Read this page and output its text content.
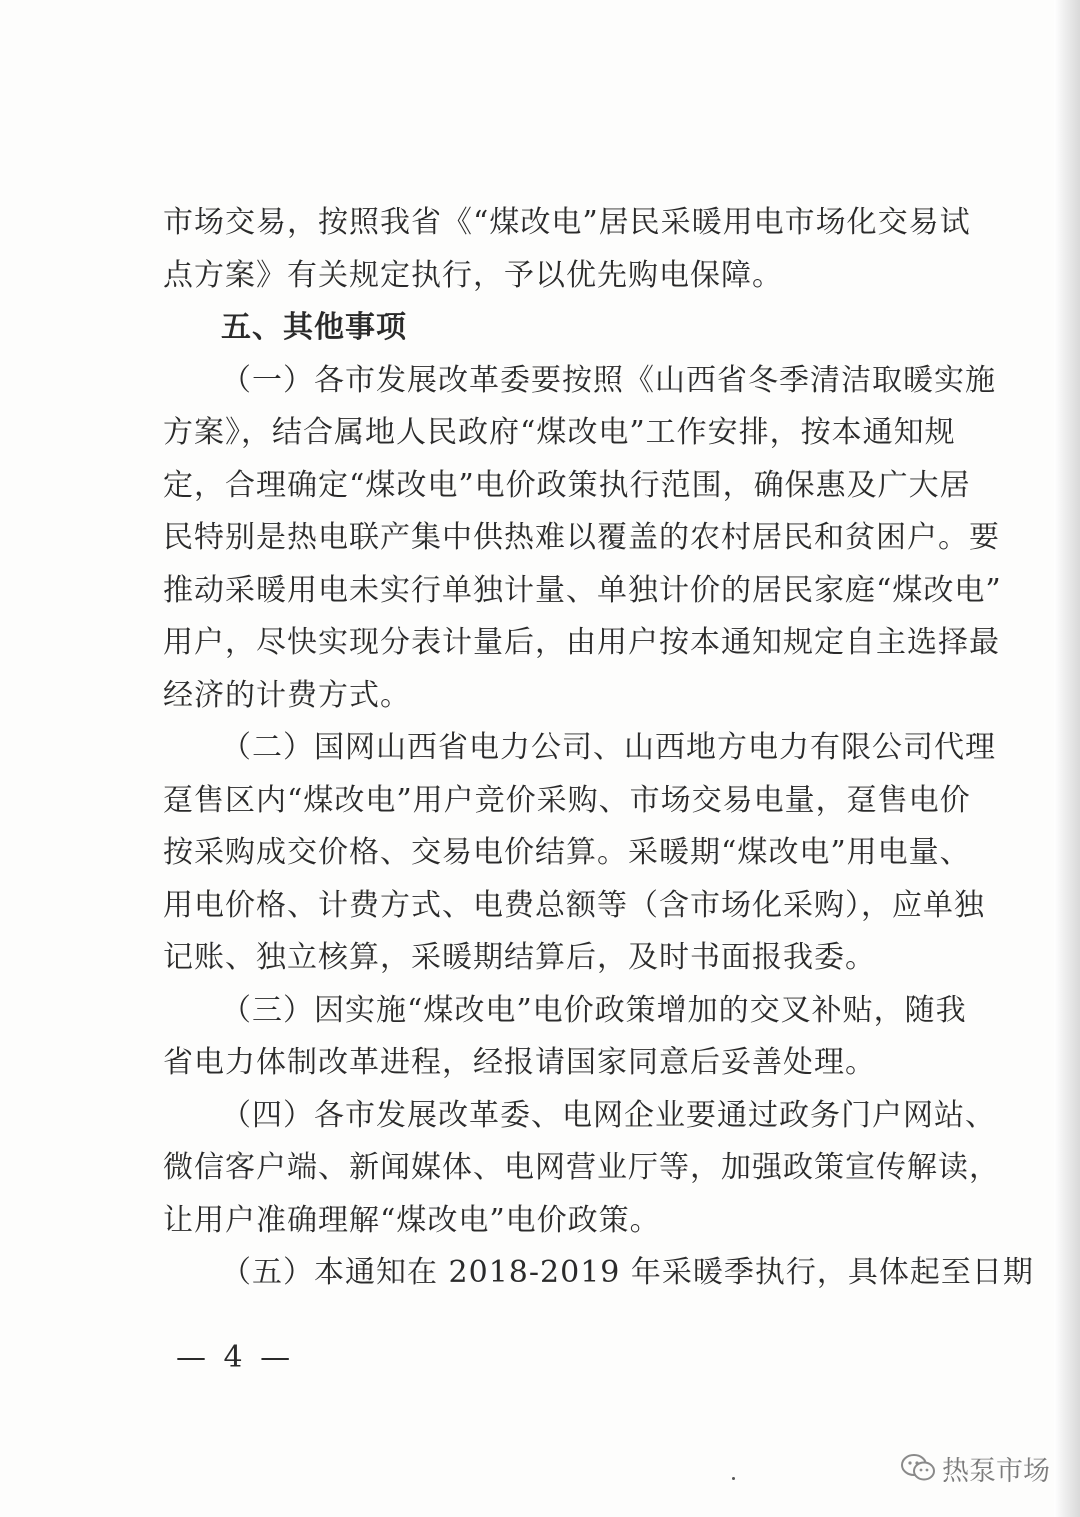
市场交易，按照我省《“煤改电”居民采暖用电市场化交易试
点方案》有关规定执行，予以优先购电保障。
五、其他事项
（一）各市发展改革委要按照《山西省冬季清洁取暖实施
方案》，结合属地人民政府“煤改电”工作安排，按本通知规
定，合理确定“煤改电”电价政策执行范围，确保惠及广大居
民特别是热电联产集中供热难以覆盖的农村居民和贫困户。要
推动采暖用电未实行单独计量、单独计价的居民家庭“煤改电”
用户，尽快实现分表计量后，由用户按本通知规定自主选择最
经济的计费方式。
（二）国网山西省电力公司、山西地方电力有限公司代理
趸售区内“煤改电”用户竞价采购、市场交易电量，趸售电价
按采购成交价格、交易电价结算。采暖期“煤改电”用电量、
用电价格、计费方式、电费总额等（含市场化采购），应单独
记账、独立核算，采暖期结算后，及时书面报我委。
（三）因实施“煤改电”电价政策增加的交叉补贴，随我
省电力体制改革进程，经报请国家同意后妥善处理。
（四）各市发展改革委、电网企业要通过政务门户网站、
微信客户端、新闻媒体、电网营业厅等，加强政策宣传解读，
让用户准确理解“煤改电”电价政策。
（五）本通知在 2018-2019 年采暖季执行，具体起至日期
— 4 —
热泵市场
